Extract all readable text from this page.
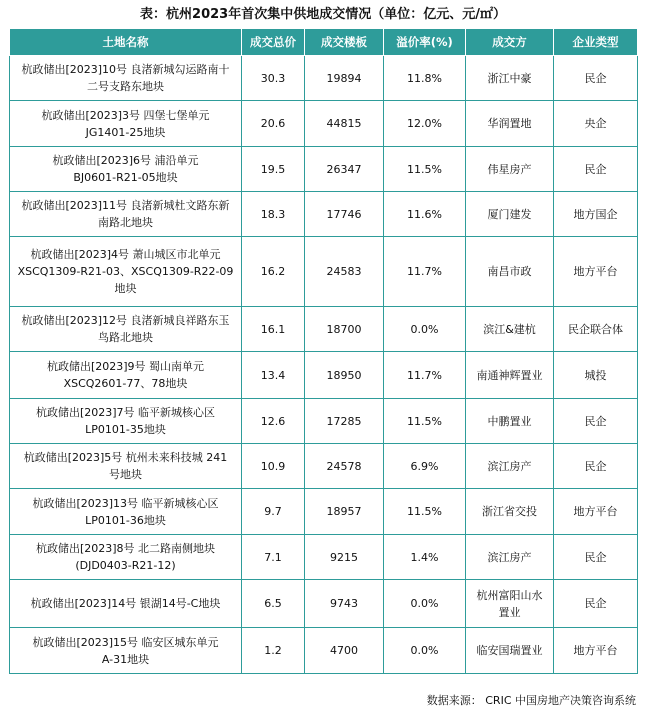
表：杭州2023年首次集中供地成交情况（单位：亿元、元/㎡）
土地名称	成交总价	成交楼板	溢价率(%)	成交方	企业类型

杭政储出[2023]10号 良渚新城勾运路南十
二号支路东地块	30.3	19894	11.8%	浙江中豪	民企

杭政储出[2023]3号 四堡七堡单元
JG1401-25地块	20.6	44815	12.0%	华润置地	央企

杭政储出[2023]6号 浦沿单元
BJ0601-R21-05地块	19.5	26347	11.5%	伟星房产	民企

杭政储出[2023]11号 良渚新城杜文路东新
南路北地块	18.3	17746	11.6%	厦门建发	地方国企

杭政储出[2023]4号 萧山城区市北单元
XSCQ1309-R21-03、XSCQ1309-R22-09
地块	16.2	24583	11.7%	南昌市政	地方平台

杭政储出[2023]12号 良渚新城良祥路东玉
鸟路北地块	16.1	18700	0.0%	滨江&建杭	民企联合体

杭政储出[2023]9号 蜀山南单元
XSCQ2601-77、78地块	13.4	18950	11.7%	南通神辉置业	城投

杭政储出[2023]7号 临平新城核心区
LP0101-35地块	12.6	17285	11.5%	中鹏置业	民企

杭政储出[2023]5号 杭州未来科技城 241
号地块	10.9	24578	6.9%	滨江房产	民企

杭政储出[2023]13号 临平新城核心区
LP0101-36地块	9.7	18957	11.5%	浙江省交投	地方平台

杭政储出[2023]8号 北二路南侧地块
(DJD0403-R21-12)	7.1	9215	1.4%	滨江房产	民企

杭政储出[2023]14号 银湖14号-C地块	6.5	9743	0.0%	杭州富阳山水
置业	民企

杭政储出[2023]15号 临安区城东单元
A-31地块	1.2	4700	0.0%	临安国瑞置业	地方平台
数据来源： CRIC 中国房地产决策咨询系统
